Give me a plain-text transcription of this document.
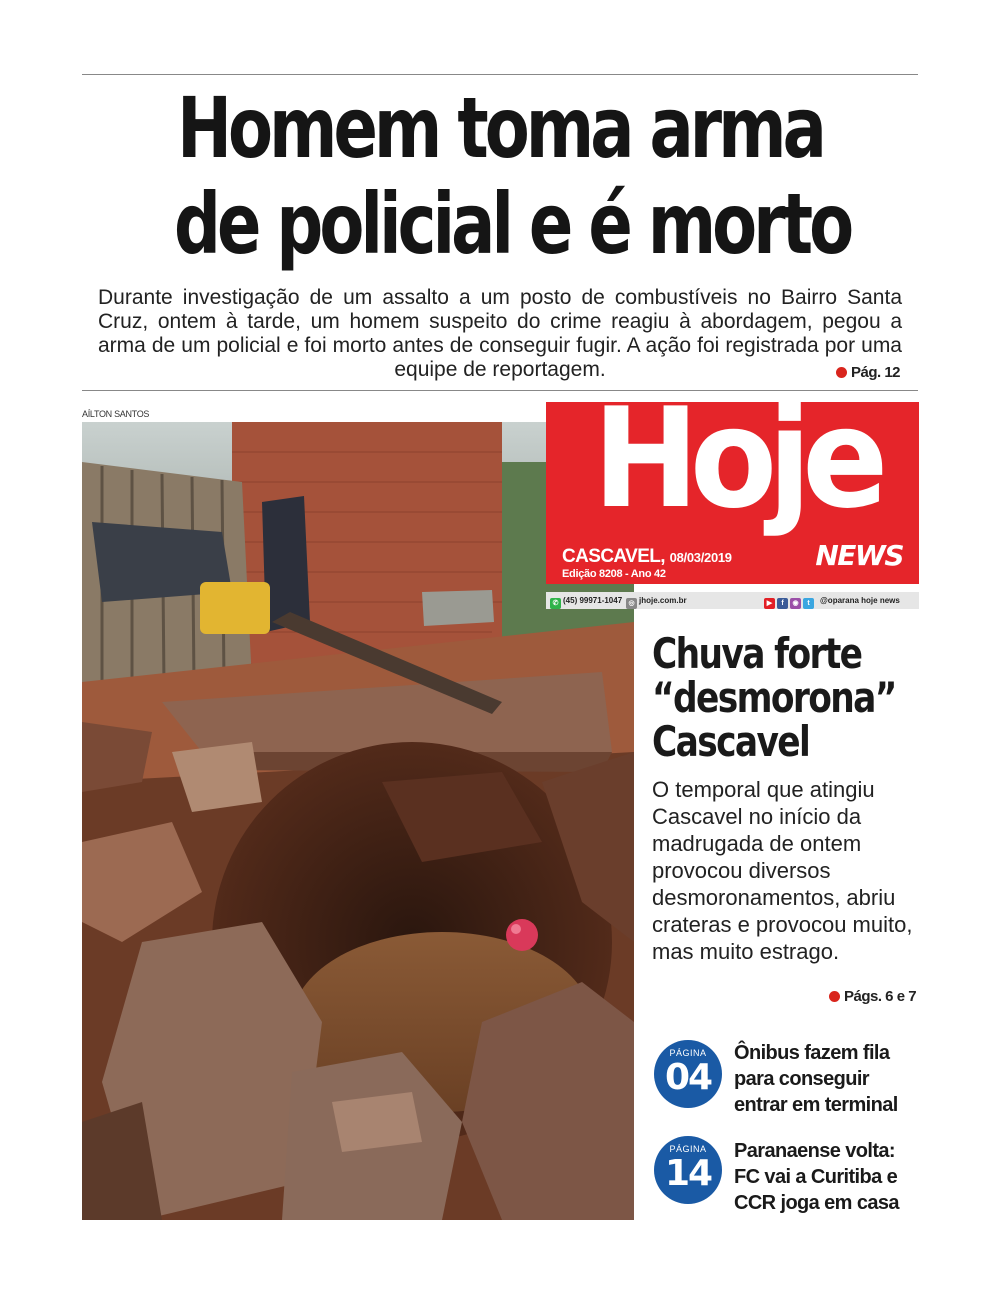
Homem toma arma
de policial e é morto
Durante investigação de um assalto a um posto de combustíveis no Bairro Santa Cruz, ontem à tarde, um homem suspeito do crime reagiu à abordagem, pegou a arma de um policial e foi morto antes de conseguir fugir. A ação foi registrada por uma equipe de reportagem.	Pág. 12
AÍLTON SANTOS	Hoje
NEWS
CASCAVEL, 08/03/2019
Edição 8208 - Ano 42
✆ (45) 99971-1047 ◎ jhoje.com.br	▶ f ◉ t	@oparana hoje news
Chuva forte
“desmorona”
Cascavel
O temporal que atingiu Cascavel no início da madrugada de ontem provocou diversos desmoronamentos, abriu crateras e provocou muito, mas muito estrago.
Págs. 6 e 7
PÁGINA
04
Ônibus fazem fila para conseguir entrar em terminal
PÁGINA
14
Paranaense volta: FC vai a Curitiba e CCR joga em casa
